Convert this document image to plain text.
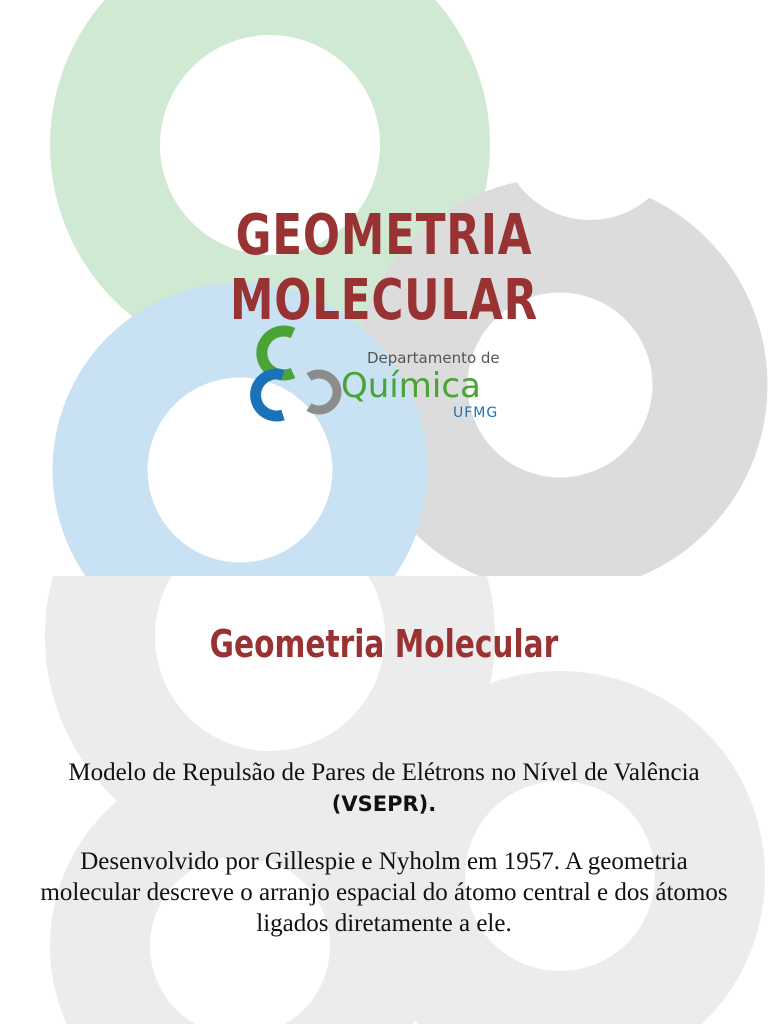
GEOMETRIA MOLECULAR
Departamento de
Química
UFMG
Geometria Molecular
Modelo de Repulsão de Pares de Elétrons no Nível de Valência (VSEPR).
Desenvolvido por Gillespie e Nyholm em 1957. A geometria molecular descreve o arranjo espacial do átomo central e dos átomos ligados diretamente a ele.
